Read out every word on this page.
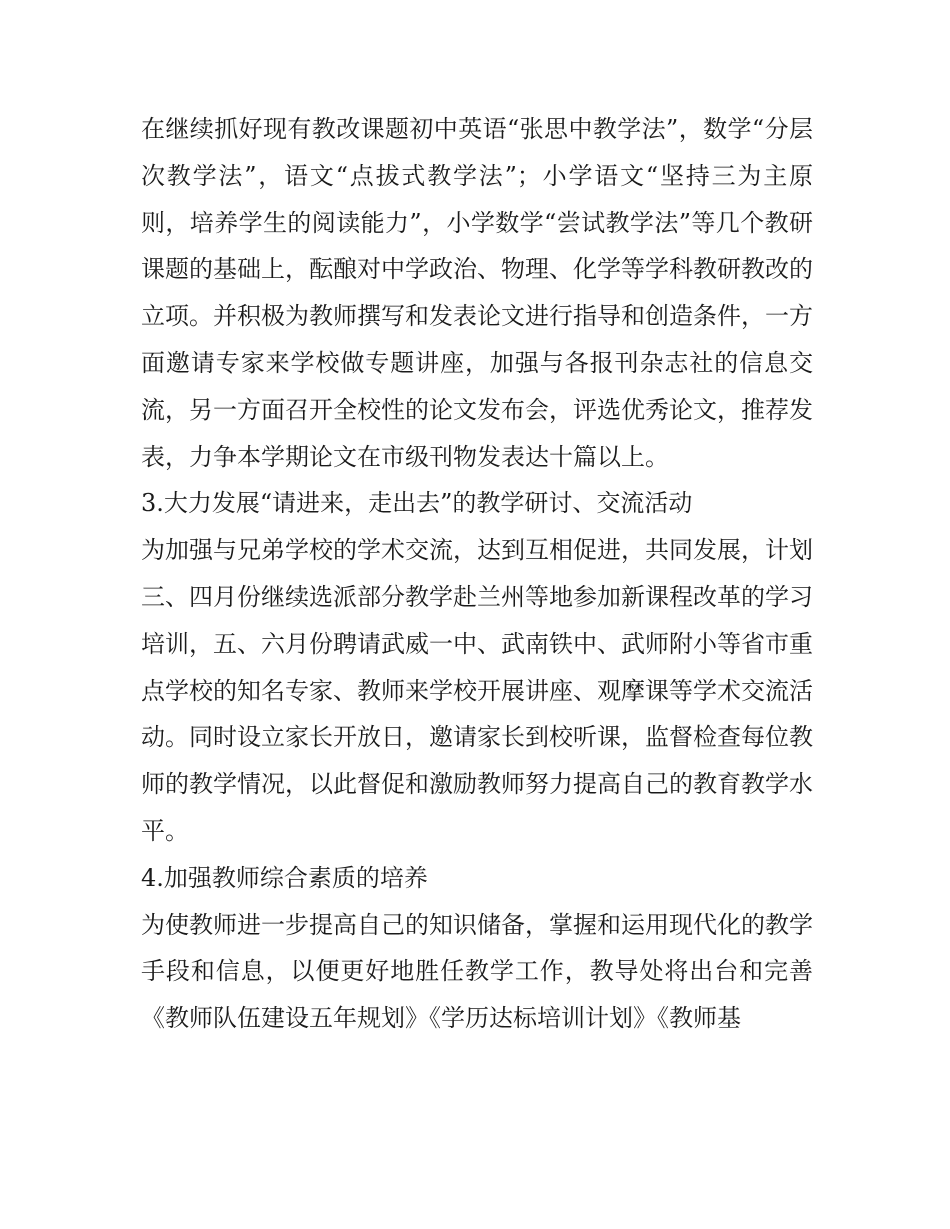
在继续抓好现有教改课题初中英语“张思中教学法”，数学“分层次教学法”，语文“点拔式教学法”；小学语文“坚持三为主原则，培养学生的阅读能力”，小学数学“尝试教学法”等几个教研课题的基础上，酝酿对中学政治、物理、化学等学科教研教改的立项。并积极为教师撰写和发表论文进行指导和创造条件，一方面邀请专家来学校做专题讲座，加强与各报刊杂志社的信息交流，另一方面召开全校性的论文发布会，评选优秀论文，推荐发表，力争本学期论文在市级刊物发表达十篇以上。

3.大力发展“请进来，走出去”的教学研讨、交流活动

为加强与兄弟学校的学术交流，达到互相促进，共同发展，计划三、四月份继续选派部分教学赴兰州等地参加新课程改革的学习培训，五、六月份聘请武威一中、武南铁中、武师附小等省市重点学校的知名专家、教师来学校开展讲座、观摩课等学术交流活动。同时设立家长开放日，邀请家长到校听课，监督检查每位教师的教学情况，以此督促和激励教师努力提高自己的教育教学水平。

4.加强教师综合素质的培养

为使教师进一步提高自己的知识储备，掌握和运用现代化的教学手段和信息，以便更好地胜任教学工作，教导处将出台和完善《教师队伍建设五年规划》《学历达标培训计划》《教师基
